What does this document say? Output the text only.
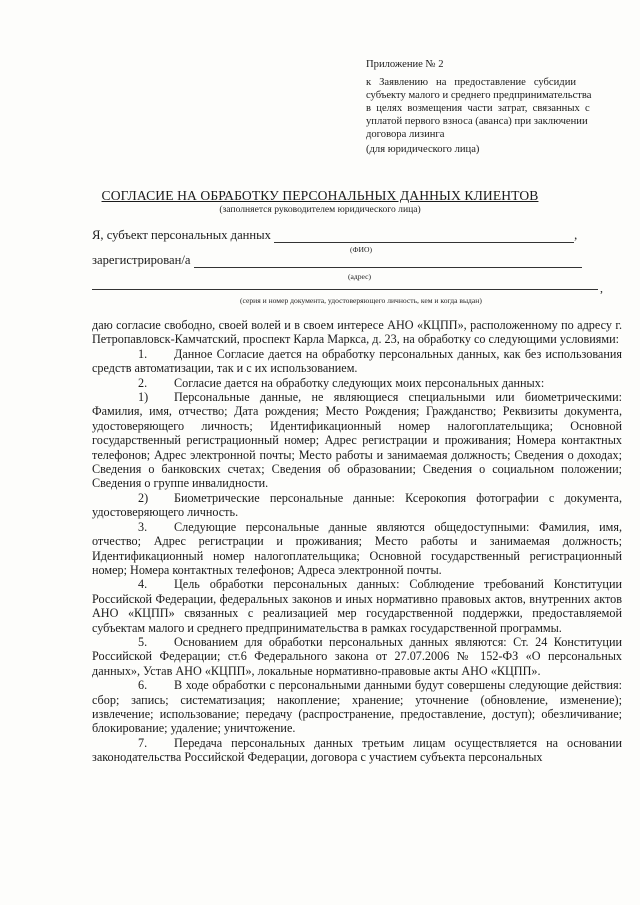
Приложение № 2
к   Заявлению   на   предоставление   субсидии
субъекту малого и среднего предпринимательства
в  целях  возмещения  части  затрат,  связанных  с
уплатой первого взноса (аванса) при заключении
договора лизинга
(для юридического лица)
СОГЛАСИЕ НА ОБРАБОТКУ ПЕРСОНАЛЬНЫХ ДАННЫХ КЛИЕНТОВ
(заполняется руководителем юридического лица)
Я, субъект персональных данных	,
(ФИО)
зарегистрирован/а
(адрес)
,
(серия и номер документа, удостоверяющего личность, кем и когда выдан)

даю согласие свободно, своей волей и в своем интересе АНО «КЦПП», расположенному по адресу г. Петропавловск-Камчатский, проспект Карла Маркса, д. 23, на обработку со следующими условиями:

1. Данное Согласие дается на обработку персональных данных, как без использования средств автоматизации, так и с их использованием.

2. Согласие дается на обработку следующих моих персональных данных:

1) Персональные данные, не являющиеся специальными или биометрическими: Фамилия, имя, отчество; Дата рождения; Место Рождения; Гражданство; Реквизиты документа, удостоверяющего личность; Идентификационный номер налогоплательщика; Основной государственный регистрационный номер; Адрес регистрации и проживания; Номера контактных телефонов; Адрес электронной почты; Место работы и занимаемая должность; Сведения о доходах; Сведения о банковских счетах; Сведения об образовании; Сведения о социальном положении; Сведения о группе инвалидности.

2) Биометрические персональные данные: Ксерокопия фотографии с документа, удостоверяющего личность.

3. Следующие персональные данные являются общедоступными: Фамилия, имя, отчество; Адрес регистрации и проживания; Место работы и занимаемая должность; Идентификационный номер налогоплательщика; Основной государственный регистрационный номер; Номера контактных телефонов; Адреса электронной почты.

4. Цель обработки персональных данных: Соблюдение требований Конституции Российской Федерации, федеральных законов и иных нормативно правовых актов, внутренних актов АНО «КЦПП» связанных с реализацией мер государственной поддержки, предоставляемой субъектам малого и среднего предпринимательства в рамках государственной программы.

5. Основанием для обработки персональных данных являются: Ст. 24 Конституции Российской Федерации; ст.6 Федерального закона от 27.07.2006 № 152-ФЗ «О персональных данных», Устав АНО «КЦПП», локальные нормативно-правовые акты АНО «КЦПП».

6. В ходе обработки с персональными данными будут совершены следующие действия: сбор; запись; систематизация; накопление; хранение; уточнение (обновление, изменение); извлечение; использование; передачу (распространение, предоставление, доступ); обезличивание; блокирование; удаление; уничтожение.

7. Передача персональных данных третьим лицам осуществляется на основании законодательства Российской Федерации, договора с участием субъекта персональных
